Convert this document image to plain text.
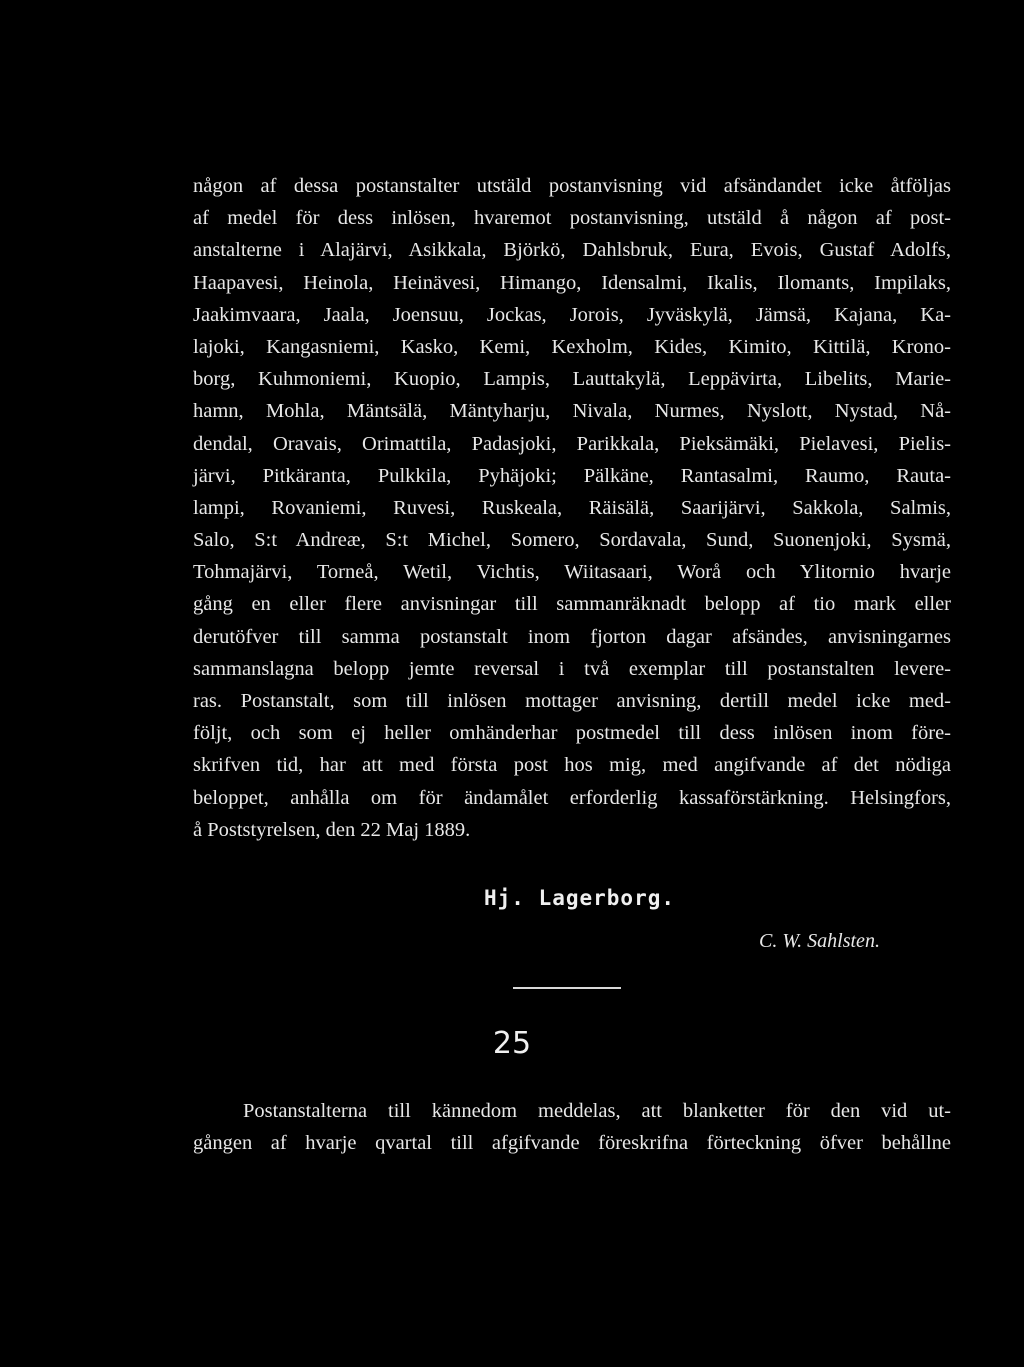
någon af dessa postanstalter utstäld postanvisning vid afsändandet icke åtföljas
af medel för dess inlösen, hvaremot postanvisning, utstäld å någon af post-
anstalterne i Alajärvi, Asikkala, Björkö, Dahlsbruk, Eura, Evois, Gustaf Adolfs,
Haapavesi, Heinola, Heinävesi, Himango, Idensalmi, Ikalis, Ilomants, Impilaks,
Jaakimvaara, Jaala, Joensuu, Jockas, Jorois, Jyväskylä, Jämsä, Kajana, Ka-
lajoki, Kangasniemi, Kasko, Kemi, Kexholm, Kides, Kimito, Kittilä, Krono-
borg, Kuhmoniemi, Kuopio, Lampis, Lauttakylä, Leppävirta, Libelits, Marie-
hamn, Mohla, Mäntsälä, Mäntyharju, Nivala, Nurmes, Nyslott, Nystad, Nå-
dendal, Oravais, Orimattila, Padasjoki, Parikkala, Pieksämäki, Pielavesi, Pielis-
järvi, Pitkäranta, Pulkkila, Pyhäjoki; Pälkäne, Rantasalmi, Raumo, Rauta-
lampi, Rovaniemi, Ruvesi, Ruskeala, Räisälä, Saarijärvi, Sakkola, Salmis,
Salo, S:t Andreæ, S:t Michel, Somero, Sordavala, Sund, Suonenjoki, Sysmä,
Tohmajärvi, Torneå, Wetil, Vichtis, Wiitasaari, Worå och Ylitornio hvarje
gång en eller flere anvisningar till sammanräknadt belopp af tio mark eller
derutöfver till samma postanstalt inom fjorton dagar afsändes, anvisningarnes
sammanslagna belopp jemte reversal i två exemplar till postanstalten levere-
ras. Postanstalt, som till inlösen mottager anvisning, dertill medel icke med-
följt, och som ej heller omhänderhar postmedel till dess inlösen inom före-
skrifven tid, har att med första post hos mig, med angifvande af det nödiga
beloppet, anhålla om för ändamålet erforderlig kassaförstärkning. Helsingfors,
å Poststyrelsen, den 22 Maj 1889.
Hj. Lagerborg.
C. W. Sahlsten.
25
Postanstalterna till kännedom meddelas, att blanketter för den vid ut-
gången af hvarje qvartal till afgifvande föreskrifna förteckning öfver behållne
